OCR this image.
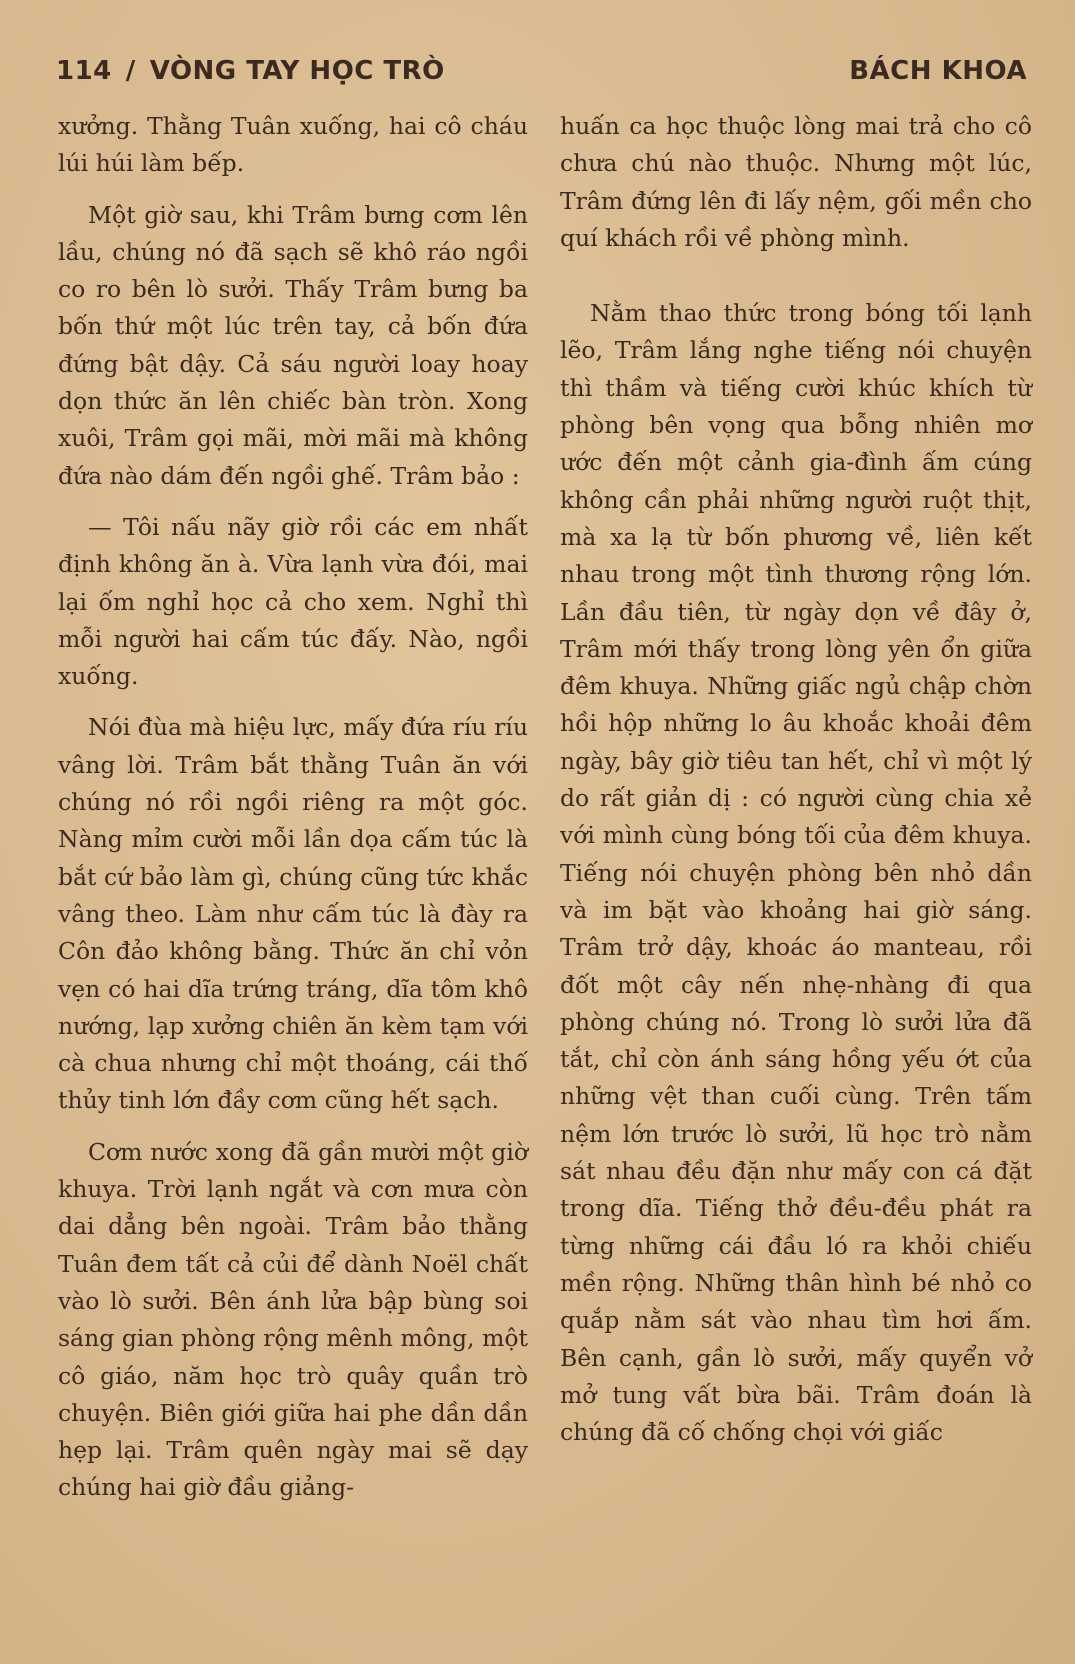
114 / VÒNG TAY HỌC TRÒ	BÁCH KHOA

xưởng. Thằng Tuân xuống, hai cô cháu lúi húi làm bếp.

Một giờ sau, khi Trâm bưng cơm lên lầu, chúng nó đã sạch sẽ khô ráo ngồi co ro bên lò sưởi. Thấy Trâm bưng ba bốn thứ một lúc trên tay, cả bốn đứa đứng bật dậy. Cả sáu người loay hoay dọn thức ăn lên chiếc bàn tròn. Xong xuôi, Trâm gọi mãi, mời mãi mà không đứa nào dám đến ngồi ghế. Trâm bảo :

— Tôi nấu nãy giờ rồi các em nhất định không ăn à. Vừa lạnh vừa đói, mai lại ốm nghỉ học cả cho xem. Nghỉ thì mỗi người hai cấm túc đấy. Nào, ngồi xuống.

Nói đùa mà hiệu lực, mấy đứa ríu ríu vâng lời. Trâm bắt thằng Tuân ăn với chúng nó rồi ngồi riêng ra một góc. Nàng mỉm cười mỗi lần dọa cấm túc là bắt cứ bảo làm gì, chúng cũng tức khắc vâng theo. Làm như cấm túc là đày ra Côn đảo không bằng. Thức ăn chỉ vỏn vẹn có hai dĩa trứng tráng, dĩa tôm khô nướng, lạp xưởng chiên ăn kèm tạm với cà chua nhưng chỉ một thoáng, cái thố thủy tinh lớn đầy cơm cũng hết sạch.

Cơm nước xong đã gần mười một giờ khuya. Trời lạnh ngắt và cơn mưa còn dai dẳng bên ngoài. Trâm bảo thằng Tuân đem tất cả củi để dành Noël chất vào lò sưởi. Bên ánh lửa bập bùng soi sáng gian phòng rộng mênh mông, một cô giáo, năm học trò quây quần trò chuyện. Biên giới giữa hai phe dần dần hẹp lại. Trâm quên ngày mai sẽ dạy chúng hai giờ đầu giảng-

huấn ca học thuộc lòng mai trả cho cô chưa chú nào thuộc. Nhưng một lúc, Trâm đứng lên đi lấy nệm, gối mền cho quí khách rồi về phòng mình.

Nằm thao thức trong bóng tối lạnh lẽo, Trâm lắng nghe tiếng nói chuyện thì thầm và tiếng cười khúc khích từ phòng bên vọng qua bỗng nhiên mơ ước đến một cảnh gia-đình ấm cúng không cần phải những người ruột thịt, mà xa lạ từ bốn phương về, liên kết nhau trong một tình thương rộng lớn. Lần đầu tiên, từ ngày dọn về đây ở, Trâm mới thấy trong lòng yên ổn giữa đêm khuya. Những giấc ngủ chập chờn hồi hộp những lo âu khoắc khoải đêm ngày, bây giờ tiêu tan hết, chỉ vì một lý do rất giản dị : có người cùng chia xẻ với mình cùng bóng tối của đêm khuya. Tiếng nói chuyện phòng bên nhỏ dần và im bặt vào khoảng hai giờ sáng. Trâm trở dậy, khoác áo manteau, rồi đốt một cây nến nhẹ-nhàng đi qua phòng chúng nó. Trong lò sưởi lửa đã tắt, chỉ còn ánh sáng hồng yếu ớt của những vệt than cuối cùng. Trên tấm nệm lớn trước lò sưởi, lũ học trò nằm sát nhau đều đặn như mấy con cá đặt trong dĩa. Tiếng thở đều-đều phát ra từng những cái đầu ló ra khỏi chiếu mền rộng. Những thân hình bé nhỏ co quắp nằm sát vào nhau tìm hơi ấm. Bên cạnh, gần lò sưởi, mấy quyển vở mở tung vất bừa bãi. Trâm đoán là chúng đã cố chống chọi với giấc
